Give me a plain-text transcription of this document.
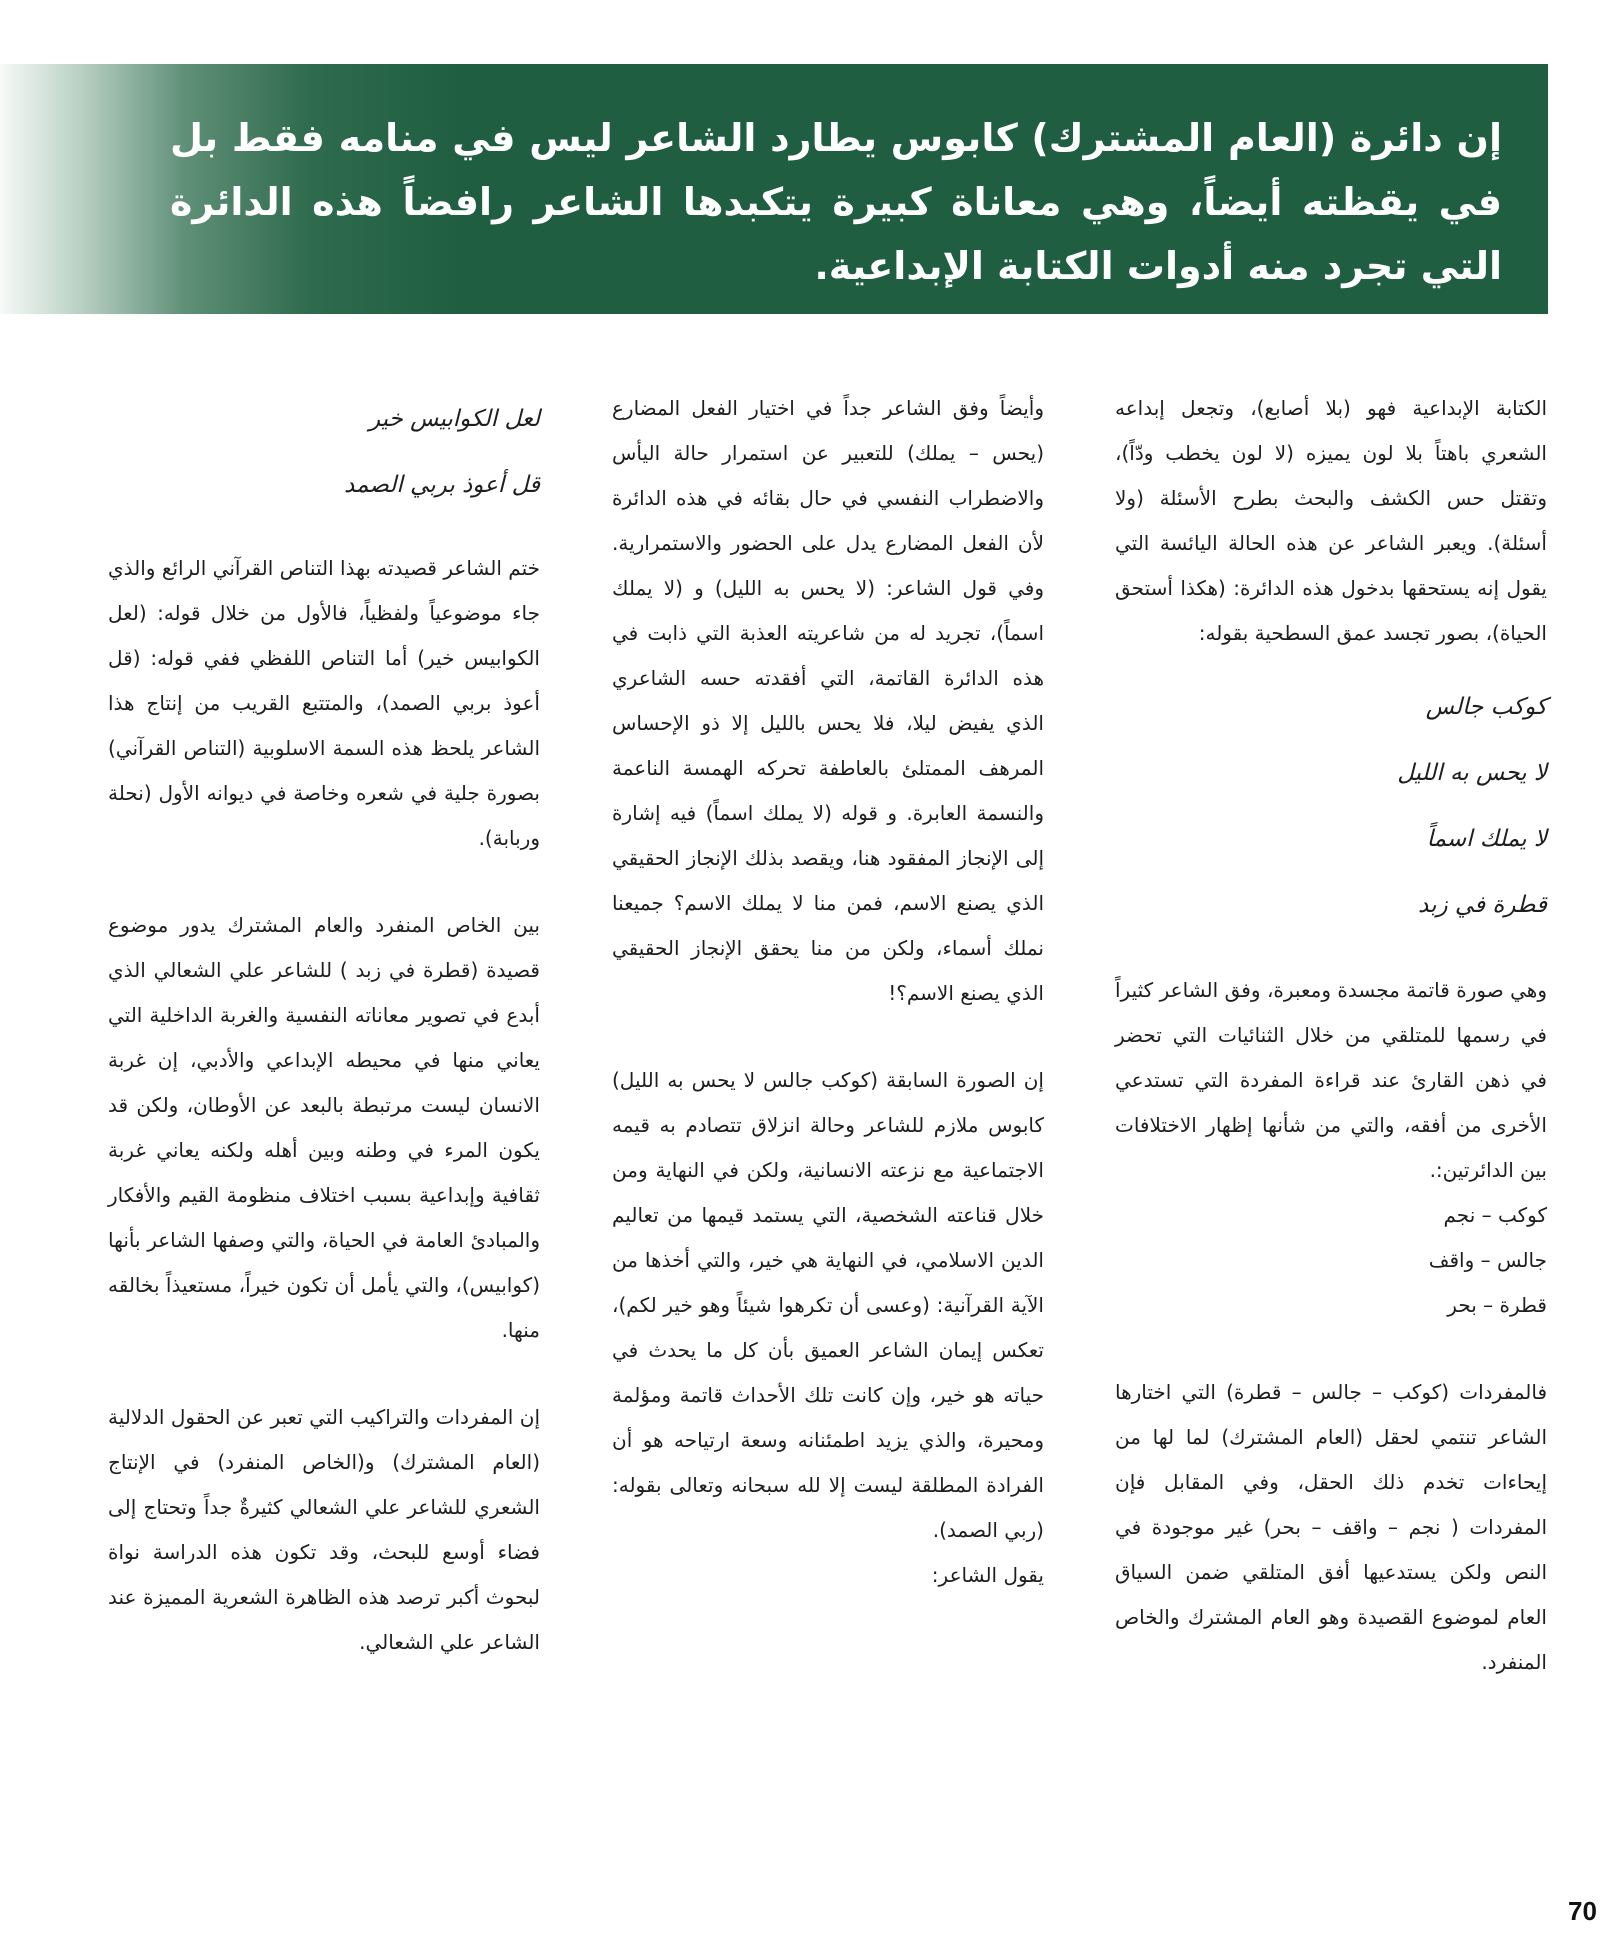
إن دائرة (العام المشترك) كابوس يطارد الشاعر ليس في منامه فقط بل في يقظته أيضاً، وهي معاناة كبيرة يتكبدها الشاعر رافضاً هذه الدائرة التي تجرد منه أدوات الكتابة الإبداعية.

الكتابة الإبداعية فهو (بلا أصابع)، وتجعل إبداعه الشعري باهتاً بلا لون يميزه (لا لون يخطب ودّاً)، وتقتل حس الكشف والبحث بطرح الأسئلة (ولا أسئلة). ويعبر الشاعر عن هذه الحالة اليائسة التي يقول إنه يستحقها بدخول هذه الدائرة: (هكذا أستحق الحياة)، بصور تجسد عمق السطحية بقوله:

كوكب جالس

لا يحس به الليل

لا يملك اسماً

قطرة في زبد

وهي صورة قاتمة مجسدة ومعبرة، وفق الشاعر كثيراً في رسمها للمتلقي من خلال الثنائيات التي تحضر في ذهن القارئ عند قراءة المفردة التي تستدعي الأخرى من أفقه، والتي من شأنها إظهار الاختلافات بين الدائرتين:.

كوكب – نجم

جالس – واقف

قطرة – بحر

فالمفردات (كوكب – جالس – قطرة) التي اختارها الشاعر تنتمي لحقل (العام المشترك) لما لها من إيحاءات تخدم ذلك الحقل، وفي المقابل فإن المفردات ( نجم – واقف – بحر) غير موجودة في النص ولكن يستدعيها أفق المتلقي ضمن السياق العام لموضوع القصيدة وهو العام المشترك والخاص المنفرد.

وأيضاً وفق الشاعر جداً في اختيار الفعل المضارع (يحس – يملك) للتعبير عن استمرار حالة اليأس والاضطراب النفسي في حال بقائه في هذه الدائرة لأن الفعل المضارع يدل على الحضور والاستمرارية. وفي قول الشاعر: (لا يحس به الليل) و (لا يملك اسماً)، تجريد له من شاعريته العذبة التي ذابت في هذه الدائرة القاتمة، التي أفقدته حسه الشاعري الذي يفيض ليلا، فلا يحس بالليل إلا ذو الإحساس المرهف الممتلئ بالعاطفة تحركه الهمسة الناعمة والنسمة العابرة. و قوله (لا يملك اسماً) فيه إشارة إلى الإنجاز المفقود هنا، ويقصد بذلك الإنجاز الحقيقي الذي يصنع الاسم، فمن منا لا يملك الاسم؟ جميعنا نملك أسماء، ولكن من منا يحقق الإنجاز الحقيقي الذي يصنع الاسم؟!

إن الصورة السابقة (كوكب جالس لا يحس به الليل) كابوس ملازم للشاعر وحالة انزلاق تتصادم به قيمه الاجتماعية مع نزعته الانسانية، ولكن في النهاية ومن خلال قناعته الشخصية، التي يستمد قيمها من تعاليم الدين الاسلامي، في النهاية هي خير، والتي أخذها من الآية القرآنية: (وعسى أن تكرهوا شيئاً وهو خير لكم)، تعكس إيمان الشاعر العميق بأن كل ما يحدث في حياته هو خير، وإن كانت تلك الأحداث قاتمة ومؤلمة ومحيرة، والذي يزيد اطمئنانه وسعة ارتياحه هو أن الفرادة المطلقة ليست إلا لله سبحانه وتعالى بقوله: (ربي الصمد).

يقول الشاعر:

لعل الكوابيس خير

قل أعوذ بربي الصمد

ختم الشاعر قصيدته بهذا التناص القرآني الرائع والذي جاء موضوعياً ولفظياً، فالأول من خلال قوله: (لعل الكوابيس خير) أما التناص اللفظي ففي قوله: (قل أعوذ بربي الصمد)، والمتتبع القريب من إنتاج هذا الشاعر يلحظ هذه السمة الاسلوبية (التناص القرآني) بصورة جلية في شعره وخاصة في ديوانه الأول (نحلة وربابة).

بين الخاص المنفرد والعام المشترك يدور موضوع قصيدة (قطرة في زبد ) للشاعر علي الشعالي الذي أبدع في تصوير معاناته النفسية والغربة الداخلية التي يعاني منها في محيطه الإبداعي والأدبي، إن غربة الانسان ليست مرتبطة بالبعد عن الأوطان، ولكن قد يكون المرء في وطنه وبين أهله ولكنه يعاني غربة ثقافية وإبداعية بسبب اختلاف منظومة القيم والأفكار والمبادئ العامة في الحياة، والتي وصفها الشاعر بأنها (كوابيس)، والتي يأمل أن تكون خيراً، مستعيذاً بخالقه منها.

إن المفردات والتراكيب التي تعبر عن الحقول الدلالية (العام المشترك) و(الخاص المنفرد) في الإنتاج الشعري للشاعر علي الشعالي كثيرةٌ جداً وتحتاج إلى فضاء أوسع للبحث، وقد تكون هذه الدراسة نواة لبحوث أكبر ترصد هذه الظاهرة الشعرية المميزة عند الشاعر علي الشعالي.

70
